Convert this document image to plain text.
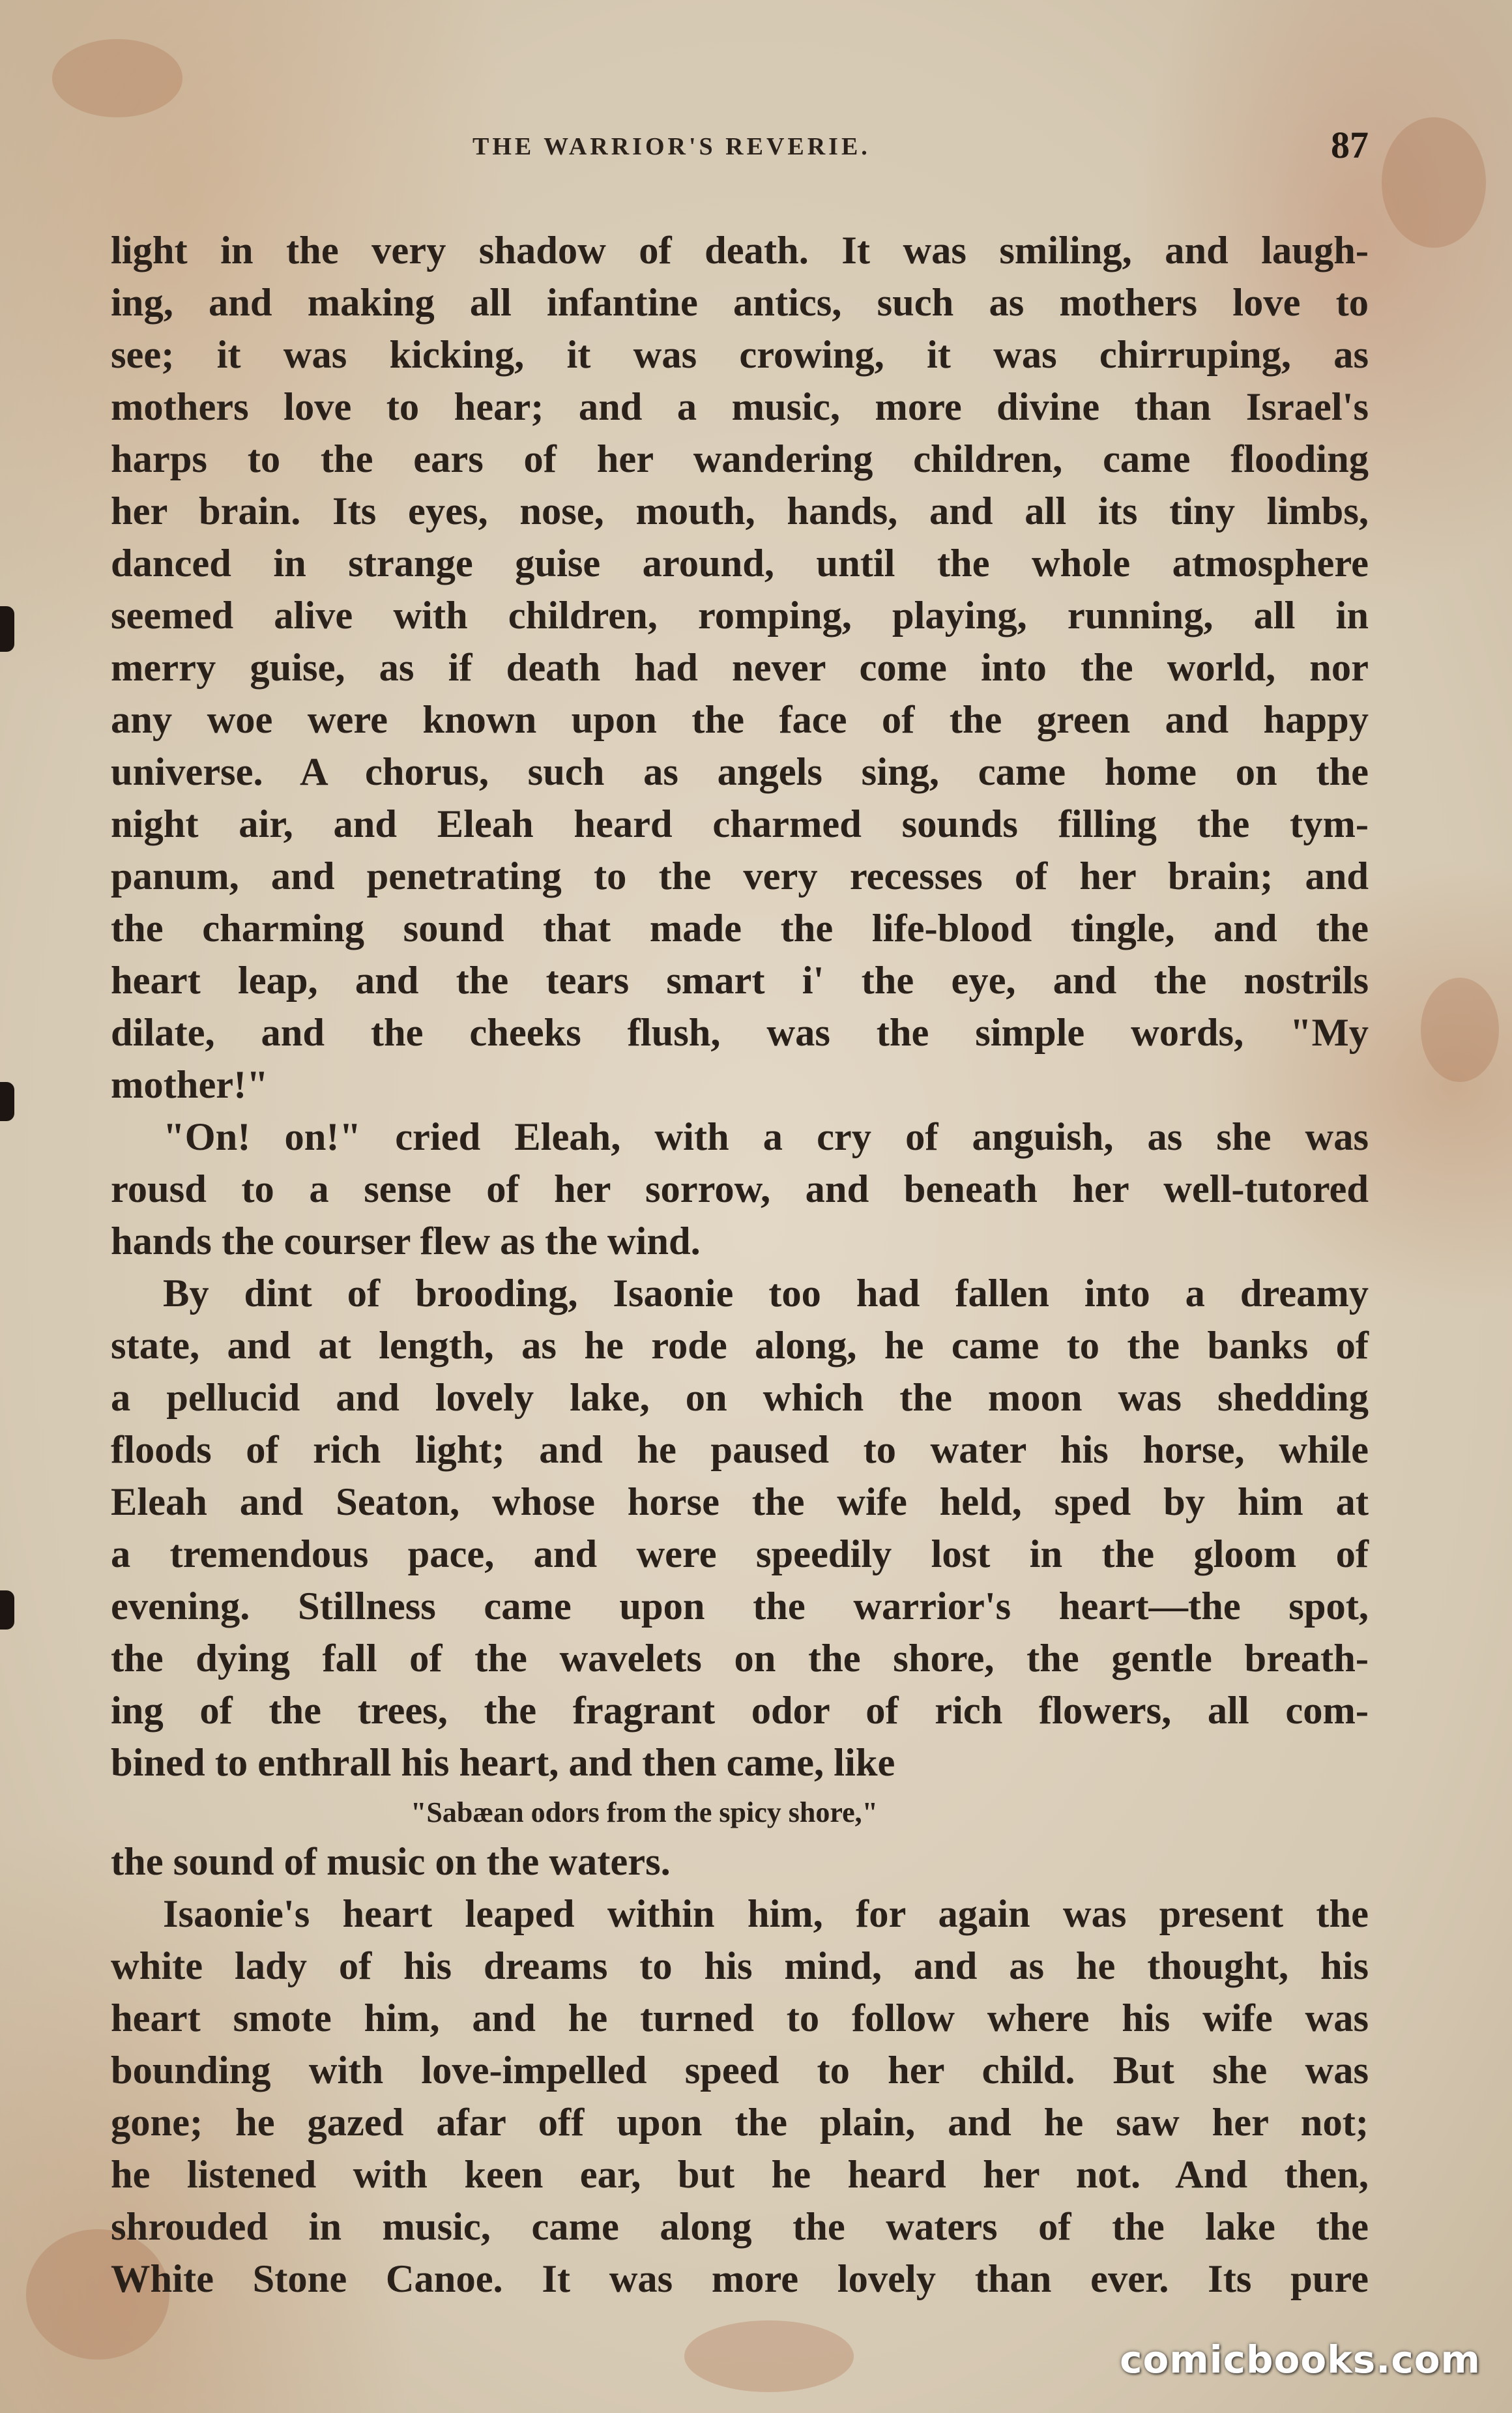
THE WARRIOR'S REVERIE.	87
light in the very shadow of death. It was smiling, and laugh-
ing, and making all infantine antics, such as mothers love to
see; it was kicking, it was crowing, it was chirruping, as
mothers love to hear; and a music, more divine than Israel's
harps to the ears of her wandering children, came flooding
her brain. Its eyes, nose, mouth, hands, and all its tiny limbs,
danced in strange guise around, until the whole atmosphere
seemed alive with children, romping, playing, running, all in
merry guise, as if death had never come into the world, nor
any woe were known upon the face of the green and happy
universe. A chorus, such as angels sing, came home on the
night air, and Eleah heard charmed sounds filling the tym-
panum, and penetrating to the very recesses of her brain; and
the charming sound that made the life-blood tingle, and the
heart leap, and the tears smart i' the eye, and the nostrils
dilate, and the cheeks flush, was the simple words, "My
mother!"
"On! on!" cried Eleah, with a cry of anguish, as she was
rousd to a sense of her sorrow, and beneath her well-tutored
hands the courser flew as the wind.
By dint of brooding, Isaonie too had fallen into a dreamy
state, and at length, as he rode along, he came to the banks of
a pellucid and lovely lake, on which the moon was shedding
floods of rich light; and he paused to water his horse, while
Eleah and Seaton, whose horse the wife held, sped by him at
a tremendous pace, and were speedily lost in the gloom of
evening. Stillness came upon the warrior's heart—the spot,
the dying fall of the wavelets on the shore, the gentle breath-
ing of the trees, the fragrant odor of rich flowers, all com-
bined to enthrall his heart, and then came, like
"Sabæan odors from the spicy shore,"
the sound of music on the waters.
Isaonie's heart leaped within him, for again was present the
white lady of his dreams to his mind, and as he thought, his
heart smote him, and he turned to follow where his wife was
bounding with love-impelled speed to her child. But she was
gone; he gazed afar off upon the plain, and he saw her not;
he listened with keen ear, but he heard her not. And then,
shrouded in music, came along the waters of the lake the
White Stone Canoe. It was more lovely than ever. Its pure
comicbooks.com
